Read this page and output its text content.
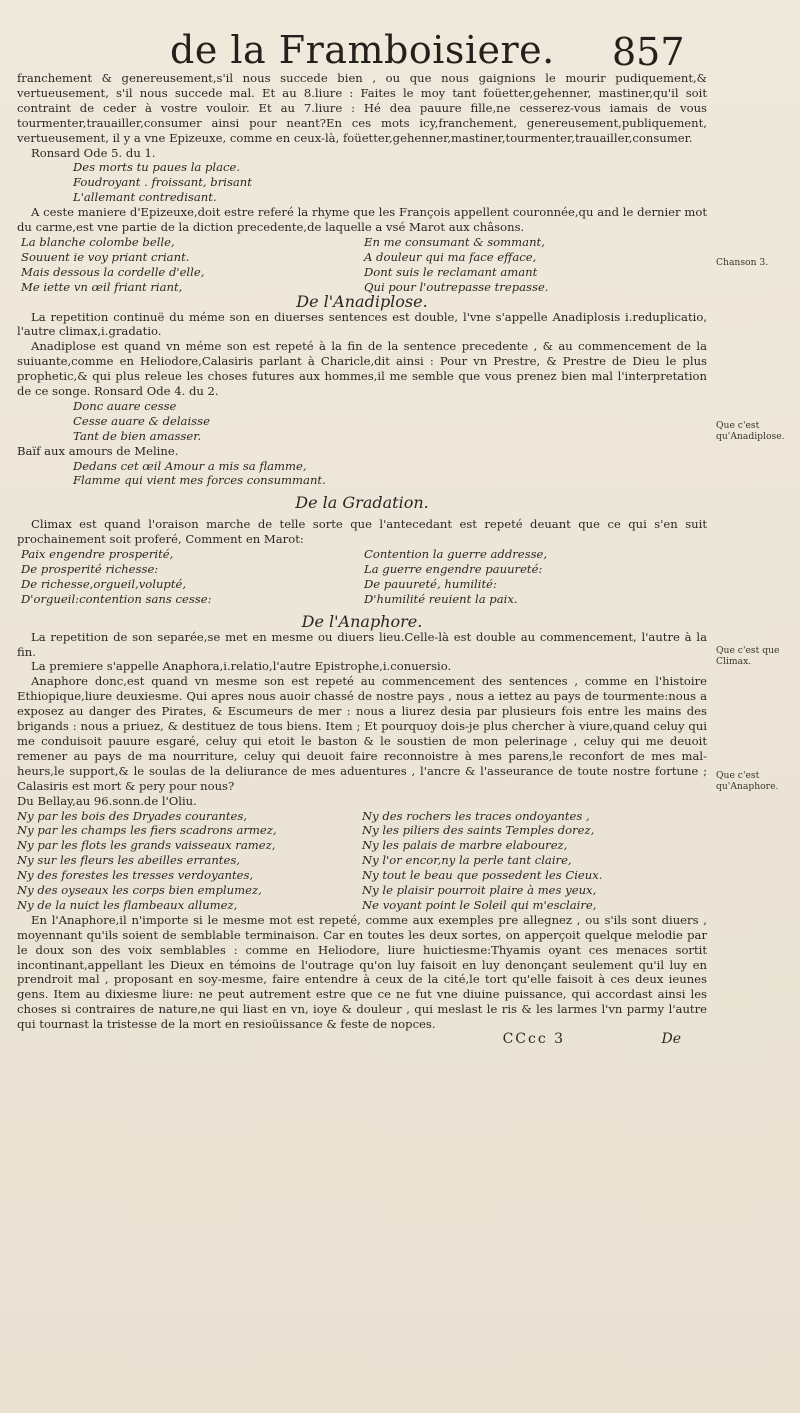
de la Framboisiere. 857
Chanson 3.
Que c'est qu'Anadiplose.
Que c'est que Climax.
Que c'est qu'Anaphore.

franchement & genereusement,s'il nous succede bien , ou que nous gaignions le mourir pudiquement,& vertueusement, s'il nous succede mal. Et au 8.liure : Faites le moy tant foüetter,gehenner, mastiner,qu'il soit contraint de ceder à vostre vouloir. Et au 7.liure : Hé dea pauure fille,ne cesserez-vous iamais de vous tourmenter,trauailler,consumer ainsi pour neant?En ces mots icy,franchement, genereusement,publiquement, vertueusement, il y a vne Epizeuxe, comme en ceux-là, foüetter,gehenner,mastiner,tourmenter,trauailler,consumer.

Ronsard Ode 5. du 1.

Des morts tu paues la place.
Foudroyant . froissant, brisant
L'allemant contredisant.

A ceste maniere d'Epizeuxe,doit estre referé la rhyme que les François appellent couronnée,qu and le dernier mot du carme,est vne partie de la diction precedente,de laquelle a vsé Marot aux châsons.

La blanche colombe belle,
Souuent ie voy priant criant.
Mais dessous la cordelle d'elle,
Me iette vn œil friant riant,
En me consumant & sommant,
A douleur qui ma face efface,
Dont suis le reclamant amant
Qui pour l'outrepasse trepasse.

De l'Anadiplose.

La repetition continuë du méme son en diuerses sentences est double, l'vne s'appelle Anadiplosis i.reduplicatio, l'autre climax,i.gradatio.

Anadiplose est quand vn méme son est repeté à la fin de la sentence precedente , & au commencement de la suiuante,comme en Heliodore,Calasiris parlant à Charicle,dit ainsi : Pour vn Prestre, & Prestre de Dieu le plus prophetic,& qui plus releue les choses futures aux hommes,il me semble que vous prenez bien mal l'interpretation de ce songe. Ronsard Ode 4. du 2.

Donc auare cesse
Cesse auare & delaisse
Tant de bien amasser.

Baïf aux amours de Meline.

Dedans cet œil Amour a mis sa flamme,
Flamme qui vient mes forces consummant.

De la Gradation.

Climax est quand l'oraison marche de telle sorte que l'antecedant est repeté deuant que ce qui s'en suit prochainement soit proferé, Comment en Marot:

Paix engendre prosperité,
De prosperité richesse:
De richesse,orgueil,volupté,
D'orgueil:contention sans cesse:
Contention la guerre addresse,
La guerre engendre pauureté:
De pauureté, humilité:
D'humilité reuient la paix.

De l'Anaphore.

La repetition de son separée,se met en mesme ou diuers lieu.Celle-là est double au commencement, l'autre à la fin.

La premiere s'appelle Anaphora,i.relatio,l'autre Epistrophe,i.conuersio.

Anaphore donc,est quand vn mesme son est repeté au commencement des sentences , comme en l'histoire Ethiopique,liure deuxiesme. Qui apres nous auoir chassé de nostre pays , nous a iettez au pays de tourmente:nous a exposez au danger des Pirates, & Escumeurs de mer : nous a liurez desia par plusieurs fois entre les mains des brigands : nous a priuez, & destituez de tous biens. Item ; Et pourquoy dois-je plus chercher à viure,quand celuy qui me conduisoit pauure esgaré, celuy qui etoit le baston & le soustien de mon pelerinage , celuy qui me deuoit remener au pays de ma nourriture, celuy qui deuoit faire reconnoistre à mes parens,le reconfort de mes mal-heurs,le support,& le soulas de la deliurance de mes aduentures , l'ancre & l'asseurance de toute nostre fortune ; Calasiris est mort & pery pour nous?

Du Bellay,au 96.sonn.de l'Oliu.

Ny par les bois des Dryades courantes,
Ny par les champs les fiers scadrons armez,
Ny par les flots les grands vaisseaux ramez,
Ny sur les fleurs les abeilles errantes,
Ny des forestes les tresses verdoyantes,
Ny des oyseaux les corps bien emplumez,
Ny de la nuict les flambeaux allumez,
Ny des rochers les traces ondoyantes ,
Ny les piliers des saints Temples dorez,
Ny les palais de marbre elabourez,
Ny l'or encor,ny la perle tant claire,
Ny tout le beau que possedent les Cieux.
Ny le plaisir pourroit plaire à mes yeux,
Ne voyant point le Soleil qui m'esclaire,

En l'Anaphore,il n'importe si le mesme mot est repeté, comme aux exemples pre allegnez , ou s'ils sont diuers , moyennant qu'ils soient de semblable terminaison. Car en toutes les deux sortes, on apperçoit quelque melodie par le doux son des voix semblables : comme en Heliodore, liure huictiesme:Thyamis oyant ces menaces sortit incontinant,appellant les Dieux en témoins de l'outrage qu'on luy faisoit en luy denonçant seulement qu'il luy en prendroit mal , proposant en soy-mesme, faire entendre à ceux de la cité,le tort qu'elle faisoit à ces deux ieunes gens. Item au dixiesme liure: ne peut autrement estre que ce ne fut vne diuine puissance, qui accordast ainsi les choses si contraires de nature,ne qui liast en vn, ioye & douleur , qui meslast le ris & les larmes l'vn parmy l'autre qui tournast la tristesse de la mort en resioüissance & feste de nopces.

CCcc 3	De
